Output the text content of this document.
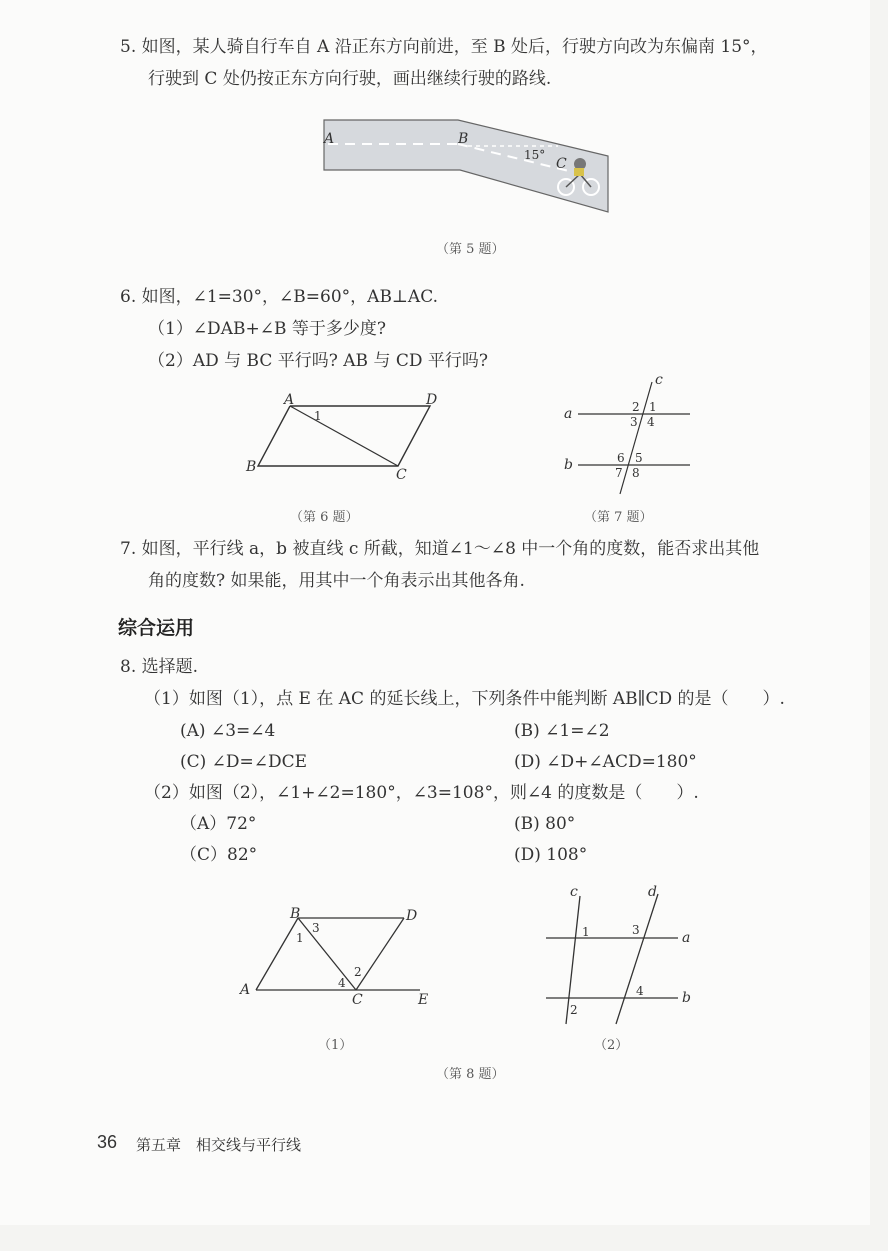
5. 如图，某人骑自行车自 A 沿正东方向前进，至 B 处后，行驶方向改为东偏南 15°，
行驶到 C 处仍按正东方向行驶，画出继续行驶的路线.
A	B
15°
C
（第 5 题）
6. 如图，∠1=30°，∠B=60°，AB⊥AC.
（1）∠DAB+∠B 等于多少度?
（2）AD 与 BC 平行吗? AB 与 CD 平行吗?
A	D
B	C
1
（第 6 题）
a
b
c
2 1
3 4
6 5
7 8
（第 7 题）
7. 如图，平行线 a，b 被直线 c 所截，知道∠1～∠8 中一个角的度数，能否求出其他
角的度数? 如果能，用其中一个角表示出其他各角.
综合运用
8. 选择题.
（1）如图（1），点 E 在 AC 的延长线上，下列条件中能判断 AB∥CD 的是（　　）.
(A) ∠3=∠4	(B) ∠1=∠2
(C) ∠D=∠DCE	(D) ∠D+∠ACD=180°
（2）如图（2），∠1+∠2=180°，∠3=108°，则∠4 的度数是（　　）.
（A）72°	(B) 80°
（C）82°	(D) 108°
B	D
A
C	E
1
3
2
4
（1）
c	d
a
b
1	3
4
2
（2）
（第 8 题）
36 第五章　相交线与平行线
